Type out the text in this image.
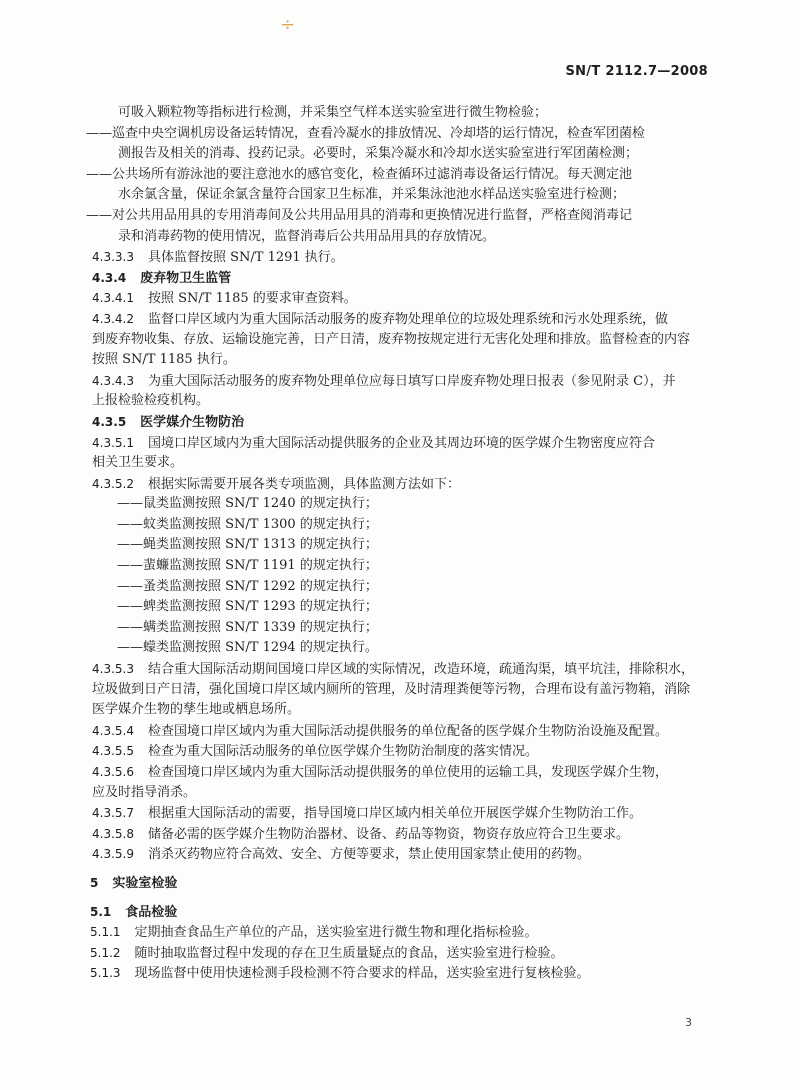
÷
SN/T 2112.7—2008
可吸入颗粒物等指标进行检测，并采集空气样本送实验室进行微生物检验；
——巡查中央空调机房设备运转情况，查看冷凝水的排放情况、冷却塔的运行情况，检查军团菌检
测报告及相关的消毒、投药记录。必要时，采集冷凝水和冷却水送实验室进行军团菌检测；
——公共场所有游泳池的要注意池水的感官变化，检查循环过滤消毒设备运行情况。每天测定池
水余氯含量，保证余氯含量符合国家卫生标准，并采集泳池池水样品送实验室进行检测；
——对公共用品用具的专用消毒间及公共用品用具的消毒和更换情况进行监督，严格查阅消毒记
录和消毒药物的使用情况，监督消毒后公共用品用具的存放情况。
4.3.3.3 具体监督按照 SN/T 1291 执行。
4.3.4 废弃物卫生监管
4.3.4.1 按照 SN/T 1185 的要求审查资料。
4.3.4.2 监督口岸区域内为重大国际活动服务的废弃物处理单位的垃圾处理系统和污水处理系统，做
到废弃物收集、存放、运输设施完善，日产日清，废弃物按规定进行无害化处理和排放。监督检查的内容
按照 SN/T 1185 执行。
4.3.4.3 为重大国际活动服务的废弃物处理单位应每日填写口岸废弃物处理日报表（参见附录 C），并
上报检验检疫机构。
4.3.5 医学媒介生物防治
4.3.5.1 国境口岸区域内为重大国际活动提供服务的企业及其周边环境的医学媒介生物密度应符合
相关卫生要求。
4.3.5.2 根据实际需要开展各类专项监测，具体监测方法如下：
——鼠类监测按照 SN/T 1240 的规定执行；
——蚊类监测按照 SN/T 1300 的规定执行；
——蝇类监测按照 SN/T 1313 的规定执行；
——蜚蠊监测按照 SN/T 1191 的规定执行；
——蚤类监测按照 SN/T 1292 的规定执行；
——蜱类监测按照 SN/T 1293 的规定执行；
——螨类监测按照 SN/T 1339 的规定执行；
——蠓类监测按照 SN/T 1294 的规定执行。
4.3.5.3 结合重大国际活动期间国境口岸区域的实际情况，改造环境，疏通沟渠，填平坑洼，排除积水，
垃圾做到日产日清，强化国境口岸区域内厕所的管理，及时清理粪便等污物，合理布设有盖污物箱，消除
医学媒介生物的孳生地或栖息场所。
4.3.5.4 检查国境口岸区域内为重大国际活动提供服务的单位配备的医学媒介生物防治设施及配置。
4.3.5.5 检查为重大国际活动服务的单位医学媒介生物防治制度的落实情况。
4.3.5.6 检查国境口岸区域内为重大国际活动提供服务的单位使用的运输工具，发现医学媒介生物，
应及时指导消杀。
4.3.5.7 根据重大国际活动的需要，指导国境口岸区域内相关单位开展医学媒介生物防治工作。
4.3.5.8 储备必需的医学媒介生物防治器材、设备、药品等物资，物资存放应符合卫生要求。
4.3.5.9 消杀灭药物应符合高效、安全、方便等要求，禁止使用国家禁止使用的药物。
5 实验室检验
5.1 食品检验
5.1.1 定期抽查食品生产单位的产品，送实验室进行微生物和理化指标检验。
5.1.2 随时抽取监督过程中发现的存在卫生质量疑点的食品，送实验室进行检验。
5.1.3 现场监督中使用快速检测手段检测不符合要求的样品，送实验室进行复核检验。
3
